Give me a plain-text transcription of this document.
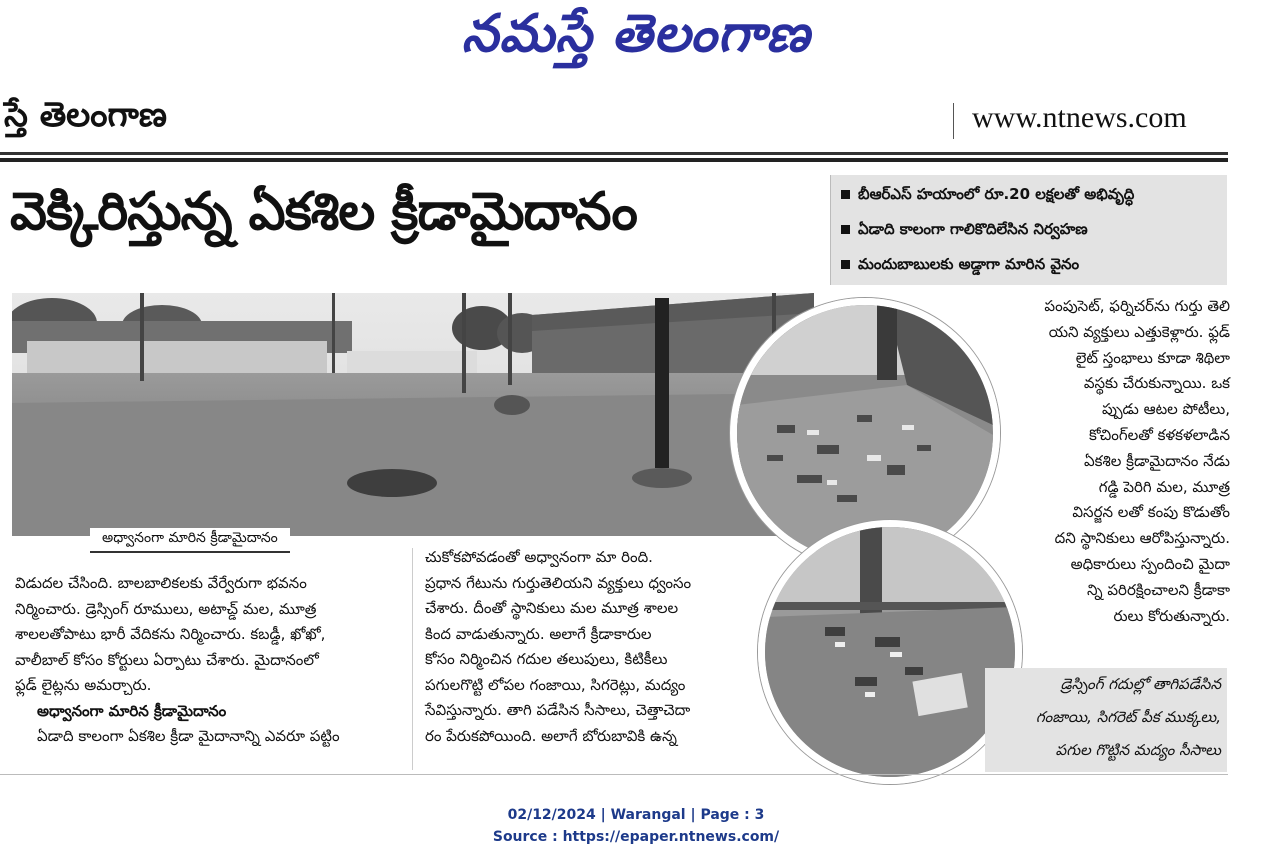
నమస్తే తెలంగాణ
స్తే తెలంగాణ	www.ntnews.com
వెక్కిరిస్తున్న ఏకశిల క్రీడామైదానం	బీఆర్ఎస్ హయాంలో రూ.20 లక్షలతో అభివృద్ధి
ఏడాది కాలంగా గాలికొదిలేసిన నిర్వహణ
మందుబాబులకు అడ్డాగా మారిన వైనం
అధ్వానంగా మారిన క్రీడామైదానం

విడుదల చేసింది. బాలబాలికలకు వేర్వేరుగా భవనం

నిర్మించారు. డ్రెస్సింగ్ రూములు, అటాచ్డ్ మల, మూత్ర

శాలలతోపాటు భారీ వేదికను నిర్మించారు. కబడ్డీ, ఖోఖో,

వాలీబాల్ కోసం కోర్టులు ఏర్పాటు చేశారు. మైదానంలో

ఫ్లడ్ లైట్లను అమర్చారు.

అధ్వానంగా మారిన క్రీడామైదానం

ఏడాది కాలంగా ఏకశిల క్రీడా మైదానాన్ని ఎవరూ పట్టిం

చుకోకపోవడంతో అధ్వానంగా మా రింది.

ప్రధాన గేటును గుర్తుతెలియని వ్యక్తులు ధ్వంసం

చేశారు. దీంతో స్థానికులు మల మూత్ర శాలల

కింద వాడుతున్నారు. అలాగే క్రీడాకారుల

కోసం నిర్మించిన గదుల తలుపులు, కిటికీలు

పగులగొట్టి లోపల గంజాయి, సిగరెట్లు, మద్యం

సేవిస్తున్నారు. తాగి పడేసిన సీసాలు, చెత్తాచెదా

రం పేరుకపోయింది. అలాగే బోరుబావికి ఉన్న

పంపుసెట్, ఫర్నిచర్‌ను గుర్తు తెలి

యని వ్యక్తులు ఎత్తుకెళ్లారు. ఫ్లడ్

లైట్ స్తంభాలు కూడా శిథిలా

వస్థకు చేరుకున్నాయి. ఒక

ప్పుడు ఆటల పోటీలు,

కోచింగ్‌లతో కళకళలాడిన

ఏకశిల క్రీడామైదానం నేడు

గడ్డి పెరిగి మల, మూత్ర

విసర్జన లతో కంపు కొడుతోం

దని స్థానికులు ఆరోపిస్తున్నారు.

అధికారులు స్పందించి మైదా

న్ని పరిరక్షించాలని క్రీడాకా

రులు కోరుతున్నారు.

డ్రెస్సింగ్ గదుల్లో తాగిపడేసిన

గంజాయి, సిగరెట్ పీక ముక్కలు,

పగుల గొట్టిన మద్యం సీసాలు

02/12/2024 | Warangal | Page : 3
Source : https://epaper.ntnews.com/
